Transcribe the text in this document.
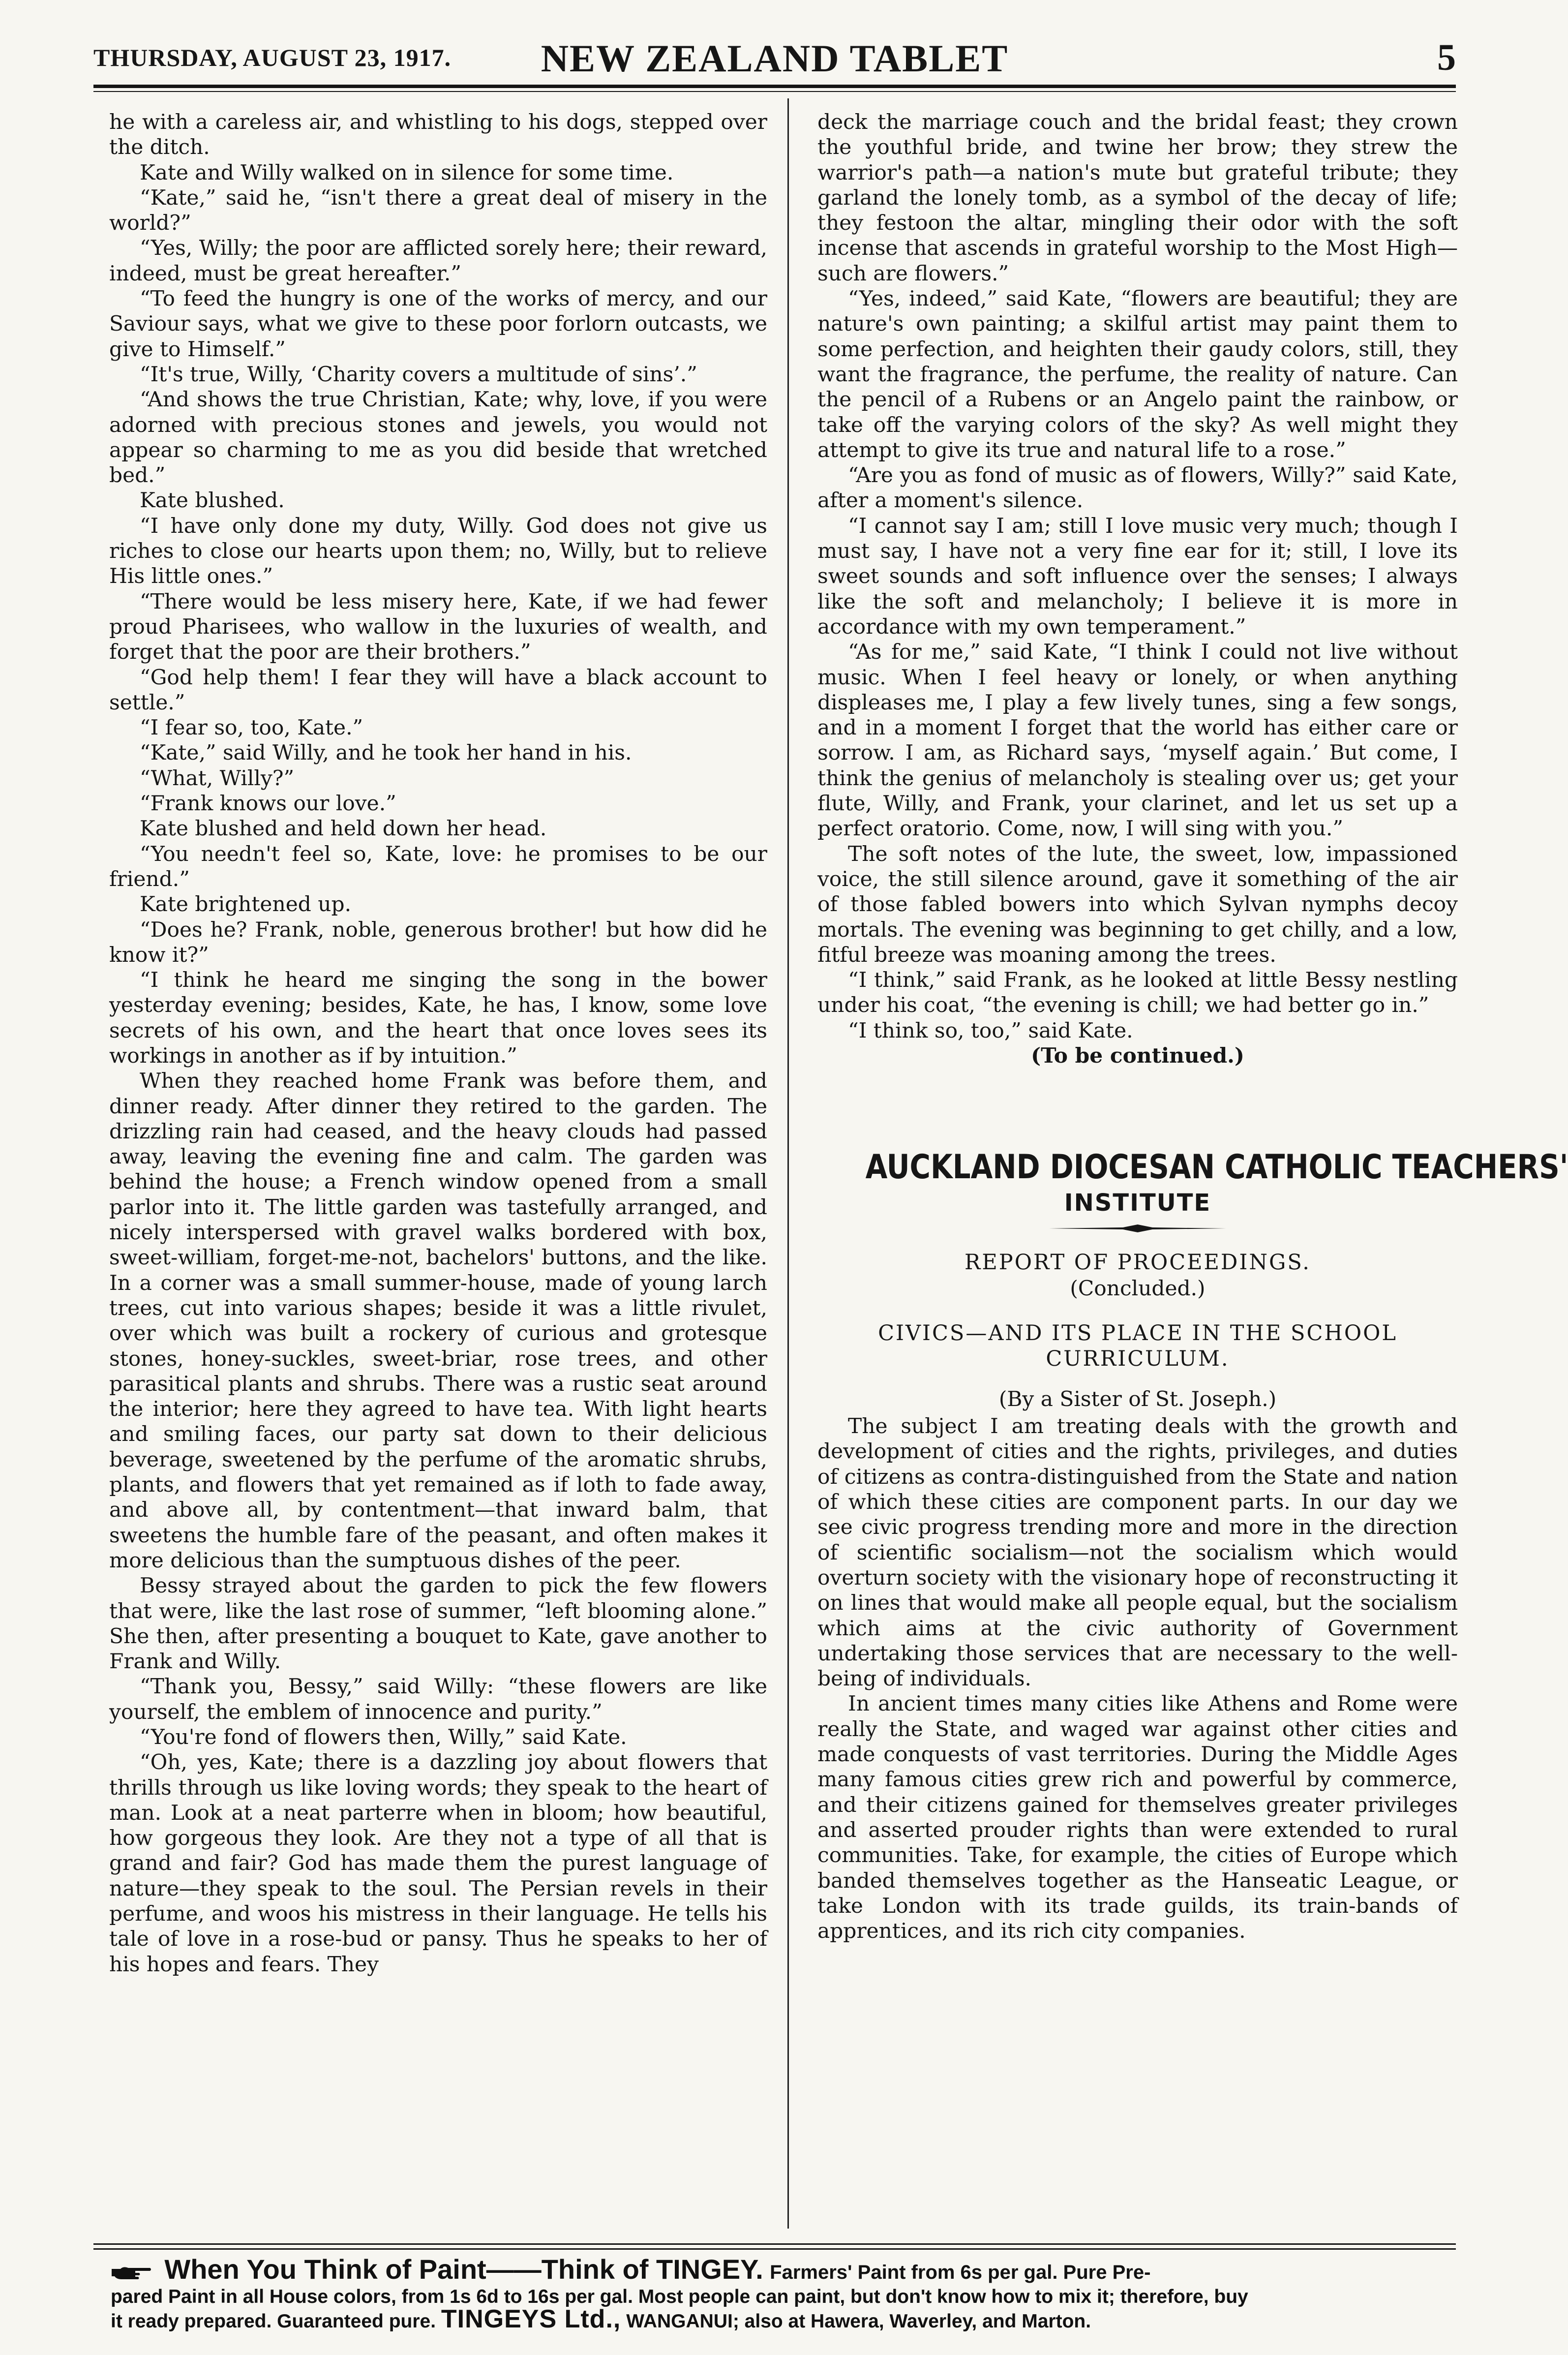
THURSDAY, AUGUST 23, 1917.	NEW ZEALAND TABLET	5

he with a careless air, and whistling to his dogs, stepped over the ditch.

Kate and Willy walked on in silence for some time.

“Kate,” said he, “isn't there a great deal of misery in the world?”

“Yes, Willy; the poor are afflicted sorely here; their reward, indeed, must be great hereafter.”

“To feed the hungry is one of the works of mercy, and our Saviour says, what we give to these poor forlorn outcasts, we give to Himself.”

“It's true, Willy, ‘Charity covers a multitude of sins’.”

“And shows the true Christian, Kate; why, love, if you were adorned with precious stones and jewels, you would not appear so charming to me as you did beside that wretched bed.”

Kate blushed.

“I have only done my duty, Willy. God does not give us riches to close our hearts upon them; no, Willy, but to relieve His little ones.”

“There would be less misery here, Kate, if we had fewer proud Pharisees, who wallow in the luxuries of wealth, and forget that the poor are their brothers.”

“God help them! I fear they will have a black account to settle.”

“I fear so, too, Kate.”

“Kate,” said Willy, and he took her hand in his.

“What, Willy?”

“Frank knows our love.”

Kate blushed and held down her head.

“You needn't feel so, Kate, love: he promises to be our friend.”

Kate brightened up.

“Does he? Frank, noble, generous brother! but how did he know it?”

“I think he heard me singing the song in the bower yesterday evening; besides, Kate, he has, I know, some love secrets of his own, and the heart that once loves sees its workings in another as if by intuition.”

When they reached home Frank was before them, and dinner ready. After dinner they retired to the garden. The drizzling rain had ceased, and the heavy clouds had passed away, leaving the evening fine and calm. The garden was behind the house; a French window opened from a small parlor into it. The little garden was tastefully arranged, and nicely interspersed with gravel walks bordered with box, sweet-william, forget-me-not, bachelors' buttons, and the like. In a corner was a small summer-house, made of young larch trees, cut into various shapes; beside it was a little rivulet, over which was built a rockery of curious and grotesque stones, honey-suckles, sweet-briar, rose trees, and other parasitical plants and shrubs. There was a rustic seat around the interior; here they agreed to have tea. With light hearts and smiling faces, our party sat down to their delicious beverage, sweetened by the perfume of the aromatic shrubs, plants, and flowers that yet remained as if loth to fade away, and above all, by contentment—that inward balm, that sweetens the humble fare of the peasant, and often makes it more delicious than the sumptuous dishes of the peer.

Bessy strayed about the garden to pick the few flowers that were, like the last rose of summer, “left blooming alone.” She then, after presenting a bouquet to Kate, gave another to Frank and Willy.

“Thank you, Bessy,” said Willy: “these flowers are like yourself, the emblem of innocence and purity.”

“You're fond of flowers then, Willy,” said Kate.

“Oh, yes, Kate; there is a dazzling joy about flowers that thrills through us like loving words; they speak to the heart of man. Look at a neat parterre when in bloom; how beautiful, how gorgeous they look. Are they not a type of all that is grand and fair? God has made them the purest language of nature—they speak to the soul. The Persian revels in their perfume, and woos his mistress in their language. He tells his tale of love in a rose-bud or pansy. Thus he speaks to her of his hopes and fears. They

deck the marriage couch and the bridal feast; they crown the youthful bride, and twine her brow; they strew the warrior's path—a nation's mute but grateful tribute; they garland the lonely tomb, as a symbol of the decay of life; they festoon the altar, mingling their odor with the soft incense that ascends in grateful worship to the Most High—such are flowers.”

“Yes, indeed,” said Kate, “flowers are beautiful; they are nature's own painting; a skilful artist may paint them to some perfection, and heighten their gaudy colors, still, they want the fragrance, the perfume, the reality of nature. Can the pencil of a Rubens or an Angelo paint the rainbow, or take off the varying colors of the sky? As well might they attempt to give its true and natural life to a rose.”

“Are you as fond of music as of flowers, Willy?” said Kate, after a moment's silence.

“I cannot say I am; still I love music very much; though I must say, I have not a very fine ear for it; still, I love its sweet sounds and soft influence over the senses; I always like the soft and melancholy; I believe it is more in accordance with my own temperament.”

“As for me,” said Kate, “I think I could not live without music. When I feel heavy or lonely, or when anything displeases me, I play a few lively tunes, sing a few songs, and in a moment I forget that the world has either care or sorrow. I am, as Richard says, ‘myself again.’ But come, I think the genius of melancholy is stealing over us; get your flute, Willy, and Frank, your clarinet, and let us set up a perfect oratorio. Come, now, I will sing with you.”

The soft notes of the lute, the sweet, low, impassioned voice, the still silence around, gave it something of the air of those fabled bowers into which Sylvan nymphs decoy mortals. The evening was beginning to get chilly, and a low, fitful breeze was moaning among the trees.

“I think,” said Frank, as he looked at little Bessy nestling under his coat, “the evening is chill; we had better go in.”

“I think so, too,” said Kate.

(To be continued.)

AUCKLAND DIOCESAN CATHOLIC TEACHERS'
INSTITUTE
REPORT OF PROCEEDINGS.
(Concluded.)
CIVICS—AND ITS PLACE IN THE SCHOOL CURRICULUM.
(By a Sister of St. Joseph.)

The subject I am treating deals with the growth and development of cities and the rights, privileges, and duties of citizens as contra-distinguished from the State and nation of which these cities are component parts. In our day we see civic progress trending more and more in the direction of scientific socialism—not the socialism which would overturn society with the visionary hope of reconstructing it on lines that would make all people equal, but the socialism which aims at the civic authority of Government undertaking those services that are necessary to the well-being of individuals.

In ancient times many cities like Athens and Rome were really the State, and waged war against other cities and made conquests of vast territories. During the Middle Ages many famous cities grew rich and powerful by commerce, and their citizens gained for themselves greater privileges and asserted prouder rights than were extended to rural communities. Take, for example, the cities of Europe which banded themselves together as the Hanseatic League, or take London with its trade guilds, its train-bands of apprentices, and its rich city companies.

When You Think of Paint——Think of TINGEY. Farmers' Paint from 6s per gal. Pure Pre-
pared Paint in all House colors, from 1s 6d to 16s per gal. Most people can paint, but don't know how to mix it; therefore, buy
it ready prepared. Guaranteed pure. TINGEYS Ltd., WANGANUI; also at Hawera, Waverley, and Marton.
